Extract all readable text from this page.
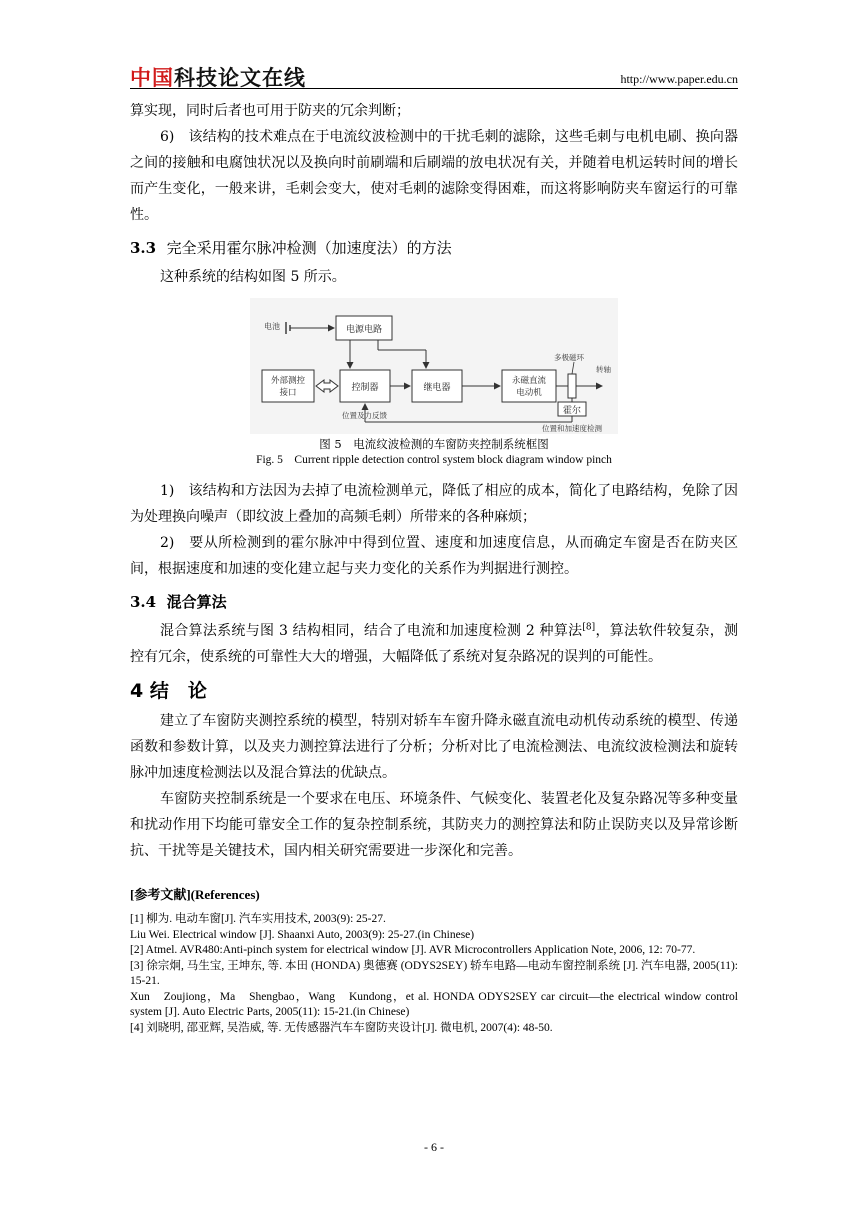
中国科技论文在线	http://www.paper.edu.cn

算实现，同时后者也可用于防夹的冗余判断；

6)　该结构的技术难点在于电流纹波检测中的干扰毛刺的滤除，这些毛刺与电机电刷、换向器之间的接触和电腐蚀状况以及换向时前刷端和后刷端的放电状况有关，并随着电机运转时间的增长而产生变化，一般来讲，毛刺会变大，使对毛刺的滤除变得困难，而这将影响防夹车窗运行的可靠性。

3.3 完全采用霍尔脉冲检测（加速度法）的方法

这种系统的结构如图 5 所示。

电池	电源电路
外部测控
接口	控制器	继电器
永磁直流
电动机
多极磁环
转轴
霍尔
位置及力反馈
位置和加速度检测
图 5　电流纹波检测的车窗防夹控制系统框图
Fig. 5　Current ripple detection control system block diagram window pinch

1)　该结构和方法因为去掉了电流检测单元，降低了相应的成本，简化了电路结构，免除了因为处理换向噪声（即纹波上叠加的高频毛刺）所带来的各种麻烦；

2)　要从所检测到的霍尔脉冲中得到位置、速度和加速度信息，从而确定车窗是否在防夹区间，根据速度和加速的变化建立起与夹力变化的关系作为判据进行测控。

3.4 混合算法

混合算法系统与图 3 结构相同，结合了电流和加速度检测 2 种算法[8]，算法软件较复杂，测控有冗余，使系统的可靠性大大的增强，大幅降低了系统对复杂路况的误判的可能性。

4 结　论

建立了车窗防夹测控系统的模型，特别对轿车车窗升降永磁直流电动机传动系统的模型、传递函数和参数计算，以及夹力测控算法进行了分析；分析对比了电流检测法、电流纹波检测法和旋转脉冲加速度检测法以及混合算法的优缺点。

车窗防夹控制系统是一个要求在电压、环境条件、气候变化、装置老化及复杂路况等多种变量和扰动作用下均能可靠安全工作的复杂控制系统，其防夹力的测控算法和防止误防夹以及异常诊断抗、干扰等是关键技术，国内相关研究需要进一步深化和完善。

[参考文献](References)

[1] 柳为. 电动车窗[J]. 汽车实用技术, 2003(9): 25-27.

Liu Wei. Electrical window [J]. Shaanxi Auto, 2003(9): 25-27.(in Chinese)

[2] Atmel. AVR480:Anti-pinch system for electrical window [J]. AVR Microcontrollers Application Note, 2006, 12: 70-77.

[3] 徐宗炯, 马生宝, 王坤东, 等. 本田 (HONDA) 奥德赛 (ODYS2SEY) 轿车电路—电动车窗控制系统 [J]. 汽车电器, 2005(11): 15-21.

Xun　Zoujiong，Ma　Shengbao，Wang　Kundong，et al. HONDA ODYS2SEY car circuit—the electrical window control system [J]. Auto Electric Parts, 2005(11): 15-21.(in Chinese)

[4] 刘晓明, 邵亚辉, 吴浩威, 等. 无传感器汽车车窗防夹设计[J]. 微电机, 2007(4): 48-50.

- 6 -
